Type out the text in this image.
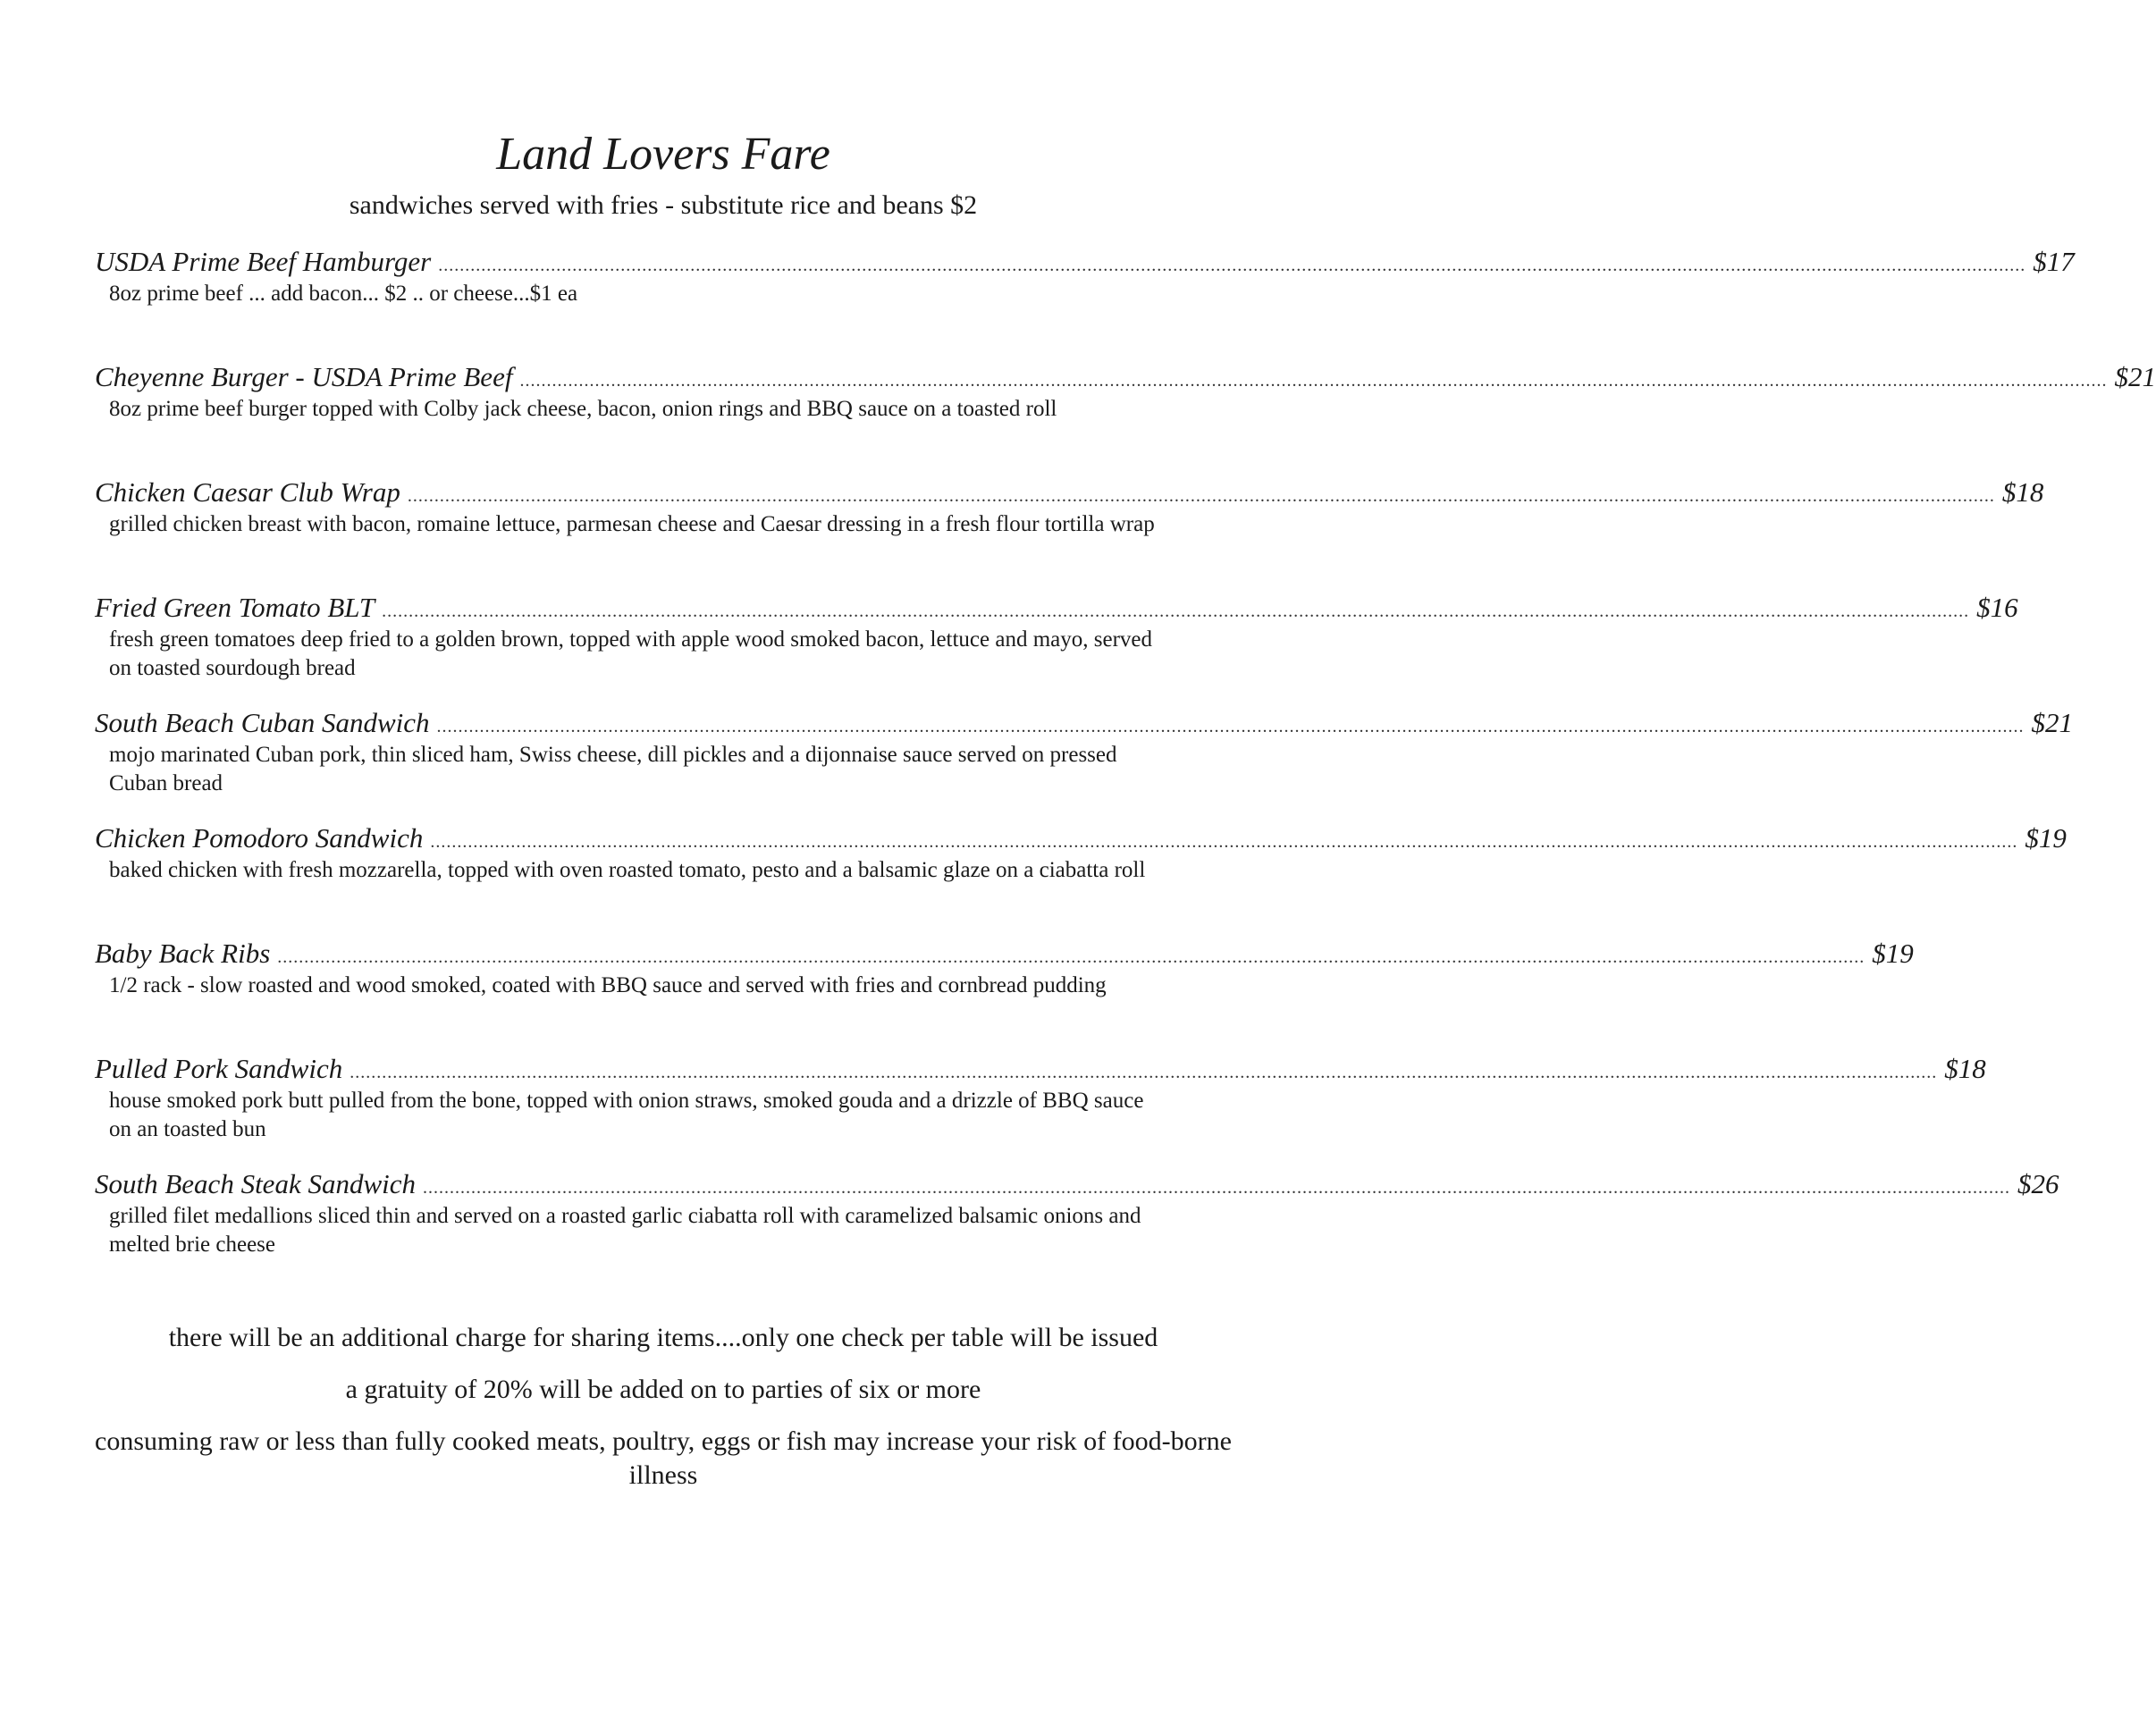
Land Lovers Fare
sandwiches served with fries - substitute rice and beans $2
USDA Prime Beef Hamburger ........................................................................................................................................................................................................................................................................................................ $17
8oz prime beef ... add bacon... $2 .. or cheese...$1 ea
Cheyenne Burger - USDA Prime Beef ........................................................................................................................................................................................................................................................................................................ $21
8oz prime beef burger topped with Colby jack cheese, bacon, onion rings and BBQ sauce on a toasted roll
Chicken Caesar Club Wrap ........................................................................................................................................................................................................................................................................................................ $18
grilled chicken breast with bacon, romaine lettuce, parmesan cheese and Caesar dressing in a fresh flour tortilla wrap
Fried Green Tomato BLT ........................................................................................................................................................................................................................................................................................................ $16
fresh green tomatoes deep fried to a golden brown, topped with apple wood smoked bacon, lettuce and mayo, served on toasted sourdough bread
South Beach Cuban Sandwich ........................................................................................................................................................................................................................................................................................................ $21
mojo marinated Cuban pork, thin sliced ham, Swiss cheese, dill pickles and a dijonnaise sauce served on pressed Cuban bread
Chicken Pomodoro Sandwich ........................................................................................................................................................................................................................................................................................................ $19
baked chicken with fresh mozzarella, topped with oven roasted tomato, pesto and a balsamic glaze on a ciabatta roll
Baby Back Ribs ........................................................................................................................................................................................................................................................................................................ $19
1/2 rack - slow roasted and wood smoked, coated with BBQ sauce and served with fries and cornbread pudding
Pulled Pork Sandwich ........................................................................................................................................................................................................................................................................................................ $18
house smoked pork butt pulled from the bone, topped with onion straws, smoked gouda and a drizzle of BBQ sauce on an toasted bun
South Beach Steak Sandwich ........................................................................................................................................................................................................................................................................................................ $26
grilled filet medallions sliced thin and served on a roasted garlic ciabatta roll with caramelized balsamic onions and melted brie cheese
there will be an additional charge for sharing items....only one check per table will be issued
a gratuity of 20% will be added on to parties of six or more
consuming raw or less than fully cooked meats, poultry, eggs or fish may increase your risk of food-borne illness
